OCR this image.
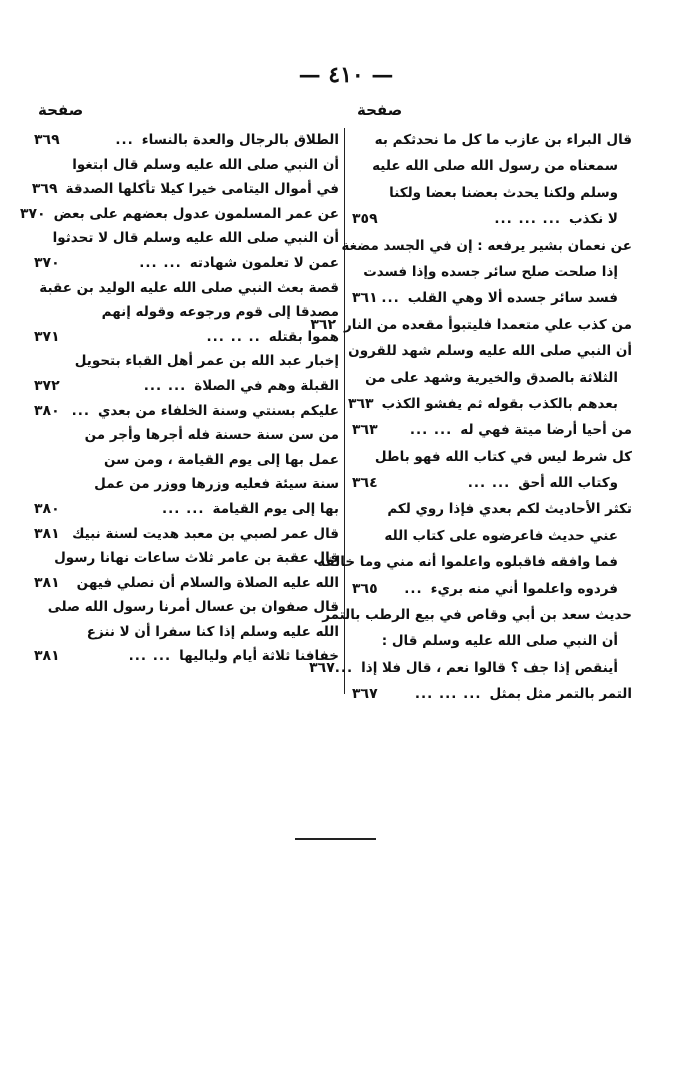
— ٤١٠ —
صفحة	صفحة
قال البراء بن عازب ما كل ما نحدثكم به
سمعناه من رسول الله صلى الله عليه
وسلم ولكنا يحدث بعضنا بعضا ولكنا
لا نكذب
... ... ...
٣٥٩
عن نعمان بشير يرفعه : إن في الجسد مضغة
إذا صلحت صلح سائر جسده وإذا فسدت
فسد سائر جسده ألا وهي القلب
...
٣٦١
من كذب علي متعمدا فليتبوأ مقعده من النار
٣٦٢
أن النبي صلى الله عليه وسلم شهد للقرون
الثلاثة بالصدق والخيرية وشهد على من
بعدهم بالكذب بقوله ثم يفشو الكذب
٣٦٣
من أحيا أرضا ميتة فهي له
... ...
٣٦٣
كل شرط ليس في كتاب الله فهو باطل
وكتاب الله أحق
... ...
٣٦٤
تكثر الأحاديث لكم بعدي فإذا روي لكم
عني حديث فاعرضوه على كتاب الله
فما وافقه فاقبلوه واعلموا أنه مني وما خالفه
فردوه واعلموا أني منه بريء
...
٣٦٥
حديث سعد بن أبي وقاص في بيع الرطب بالتمر
أن النبي صلى الله عليه وسلم قال :
أينقص إذا جف ؟ قالوا نعم ، قال فلا إذا
...
٣٦٧
التمر بالتمر مثل بمثل
... ... ...
٣٦٧
الطلاق بالرجال والعدة بالنساء
...
٣٦٩
أن النبي صلى الله عليه وسلم قال ابتغوا
في أموال اليتامى خيرا كيلا تأكلها الصدقة
٣٦٩
عن عمر المسلمون عدول بعضهم على بعض
٣٧٠
أن النبي صلى الله عليه وسلم قال لا تحدثوا
عمن لا تعلمون شهادته
... ...
٣٧٠
قصة بعث النبي صلى الله عليه الوليد بن عقبة
مصدقا إلى قوم ورجوعه وقوله إنهم
هموا بقتله
.. .. ...
٣٧١
إخبار عبد الله بن عمر أهل القباء بتحويل
القبلة وهم في الصلاة
... ...
٣٧٢
عليكم بسنتي وسنة الخلفاء من بعدي
...
٣٨٠
من سن سنة حسنة فله أجرها وأجر من
عمل بها إلى يوم القيامة ، ومن سن
سنة سيئة فعليه وزرها ووزر من عمل
بها إلى يوم القيامة
... ...
٣٨٠
قال عمر لصبي بن معبد هديت لسنة نبيك
٣٨١
قال عقبة بن عامر ثلاث ساعات نهانا رسول
الله عليه الصلاة والسلام أن نصلي فيهن
٣٨١
قال صفوان بن عسال أمرنا رسول الله صلى
الله عليه وسلم إذا كنا سفرا أن لا ننزع
خفافنا ثلاثة أيام ولياليها
... ...
٣٨١
